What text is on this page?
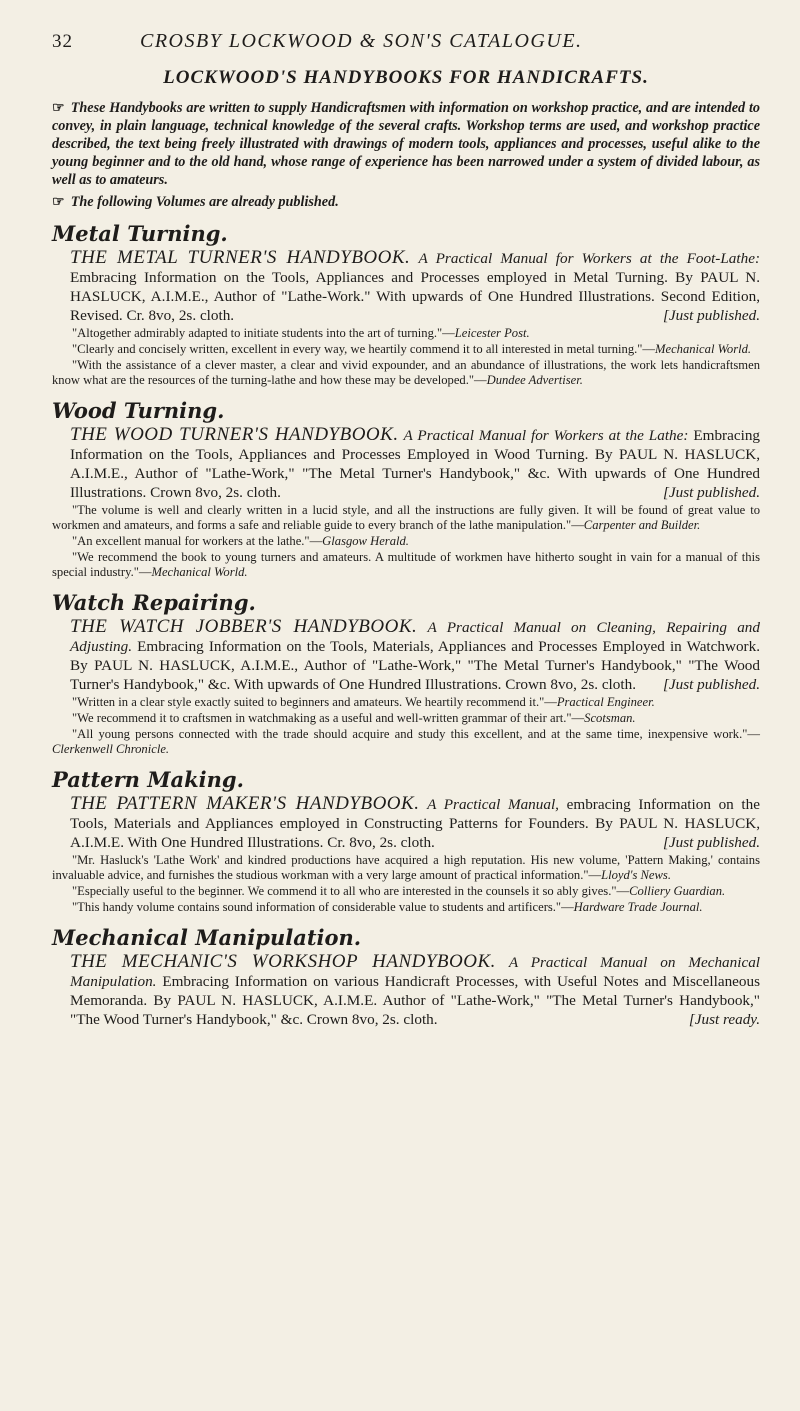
32	CROSBY LOCKWOOD & SON'S CATALOGUE.
LOCKWOOD'S HANDYBOOKS FOR HANDICRAFTS.

☞ These Handybooks are written to supply Handicraftsmen with information on workshop practice, and are intended to convey, in plain language, technical knowledge of the several crafts. Workshop terms are used, and workshop practice described, the text being freely illustrated with drawings of modern tools, appliances and processes, useful alike to the young beginner and to the old hand, whose range of experience has been narrowed under a system of divided labour, as well as to amateurs.

☞ The following Volumes are already published.

Metal Turning.

THE METAL TURNER'S HANDYBOOK. A Practical Manual for Workers at the Foot-Lathe: Embracing Information on the Tools, Appliances and Processes employed in Metal Turning. By PAUL N. HASLUCK, A.I.M.E., Author of "Lathe-Work." With upwards of One Hundred Illustrations. Second Edition, Revised. Cr. 8vo, 2s. cloth.	[Just published.

"Altogether admirably adapted to initiate students into the art of turning."—Leicester Post.

"Clearly and concisely written, excellent in every way, we heartily commend it to all interested in metal turning."—Mechanical World.

"With the assistance of a clever master, a clear and vivid expounder, and an abundance of illustrations, the work lets handicraftsmen know what are the resources of the turning-lathe and how these may be developed."—Dundee Advertiser.

Wood Turning.

THE WOOD TURNER'S HANDYBOOK. A Practical Manual for Workers at the Lathe: Embracing Information on the Tools, Appliances and Processes Employed in Wood Turning. By PAUL N. HASLUCK, A.I.M.E., Author of "Lathe-Work," "The Metal Turner's Handybook," &c. With upwards of One Hundred Illustrations. Crown 8vo, 2s. cloth.	[Just published.

"The volume is well and clearly written in a lucid style, and all the instructions are fully given. It will be found of great value to workmen and amateurs, and forms a safe and reliable guide to every branch of the lathe manipulation."—Carpenter and Builder.

"An excellent manual for workers at the lathe."—Glasgow Herald.

"We recommend the book to young turners and amateurs. A multitude of workmen have hitherto sought in vain for a manual of this special industry."—Mechanical World.

Watch Repairing.

THE WATCH JOBBER'S HANDYBOOK. A Practical Manual on Cleaning, Repairing and Adjusting. Embracing Information on the Tools, Materials, Appliances and Processes Employed in Watchwork. By PAUL N. HASLUCK, A.I.M.E., Author of "Lathe-Work," "The Metal Turner's Handybook," "The Wood Turner's Handybook," &c. With upwards of One Hundred Illustrations. Crown 8vo, 2s. cloth. [Just published.

"Written in a clear style exactly suited to beginners and amateurs. We heartily recommend it."—Practical Engineer.

"We recommend it to craftsmen in watchmaking as a useful and well-written grammar of their art."—Scotsman.

"All young persons connected with the trade should acquire and study this excellent, and at the same time, inexpensive work."—Clerkenwell Chronicle.

Pattern Making.

THE PATTERN MAKER'S HANDYBOOK. A Practical Manual, embracing Information on the Tools, Materials and Appliances employed in Constructing Patterns for Founders. By PAUL N. HASLUCK, A.I.M.E. With One Hundred Illustrations. Cr. 8vo, 2s. cloth.	[Just published.

"Mr. Hasluck's 'Lathe Work' and kindred productions have acquired a high reputation. His new volume, 'Pattern Making,' contains invaluable advice, and furnishes the studious workman with a very large amount of practical information."—Lloyd's News.

"Especially useful to the beginner. We commend it to all who are interested in the counsels it so ably gives."—Colliery Guardian.

"This handy volume contains sound information of considerable value to students and artificers."—Hardware Trade Journal.

Mechanical Manipulation.

THE MECHANIC'S WORKSHOP HANDYBOOK. A Practical Manual on Mechanical Manipulation. Embracing Information on various Handicraft Processes, with Useful Notes and Miscellaneous Memoranda. By PAUL N. HASLUCK, A.I.M.E. Author of "Lathe-Work," "The Metal Turner's Handybook," "The Wood Turner's Handybook," &c. Crown 8vo, 2s. cloth.	[Just ready.
